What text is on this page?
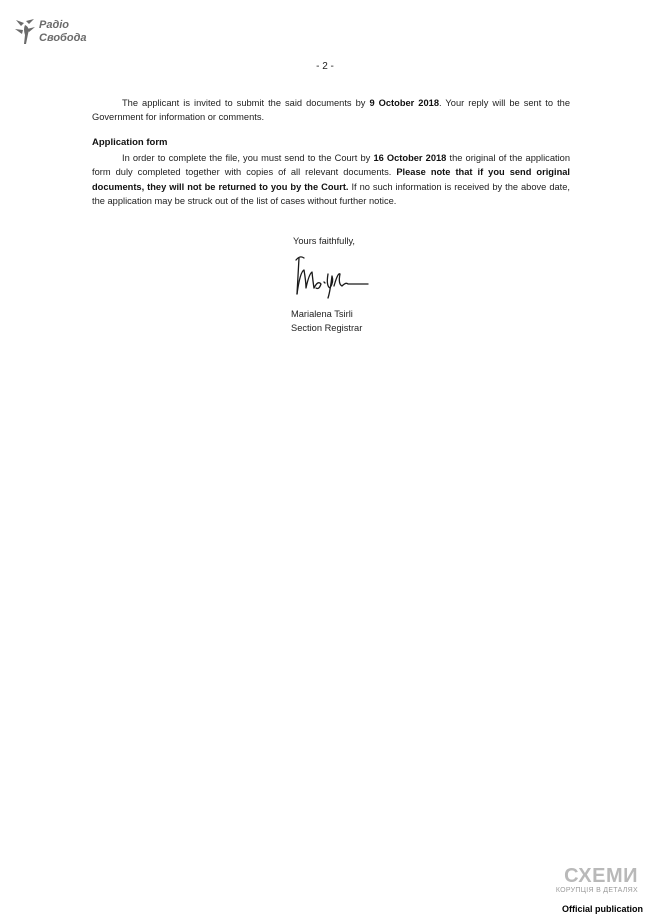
Радіо
Свобода
- 2 -
The applicant is invited to submit the said documents by 9 October 2018. Your reply will be sent to the Government for information or comments.
Application form
In order to complete the file, you must send to the Court by 16 October 2018 the original of the application form duly completed together with copies of all relevant documents. Please note that if you send original documents, they will not be returned to you by the Court. If no such information is received by the above date, the application may be struck out of the list of cases without further notice.
Yours faithfully,
Marialena Tsirli
Section Registrar
СХЕМИ
КОРУПЦІЯ В ДЕТАЛЯХ
Official publication
